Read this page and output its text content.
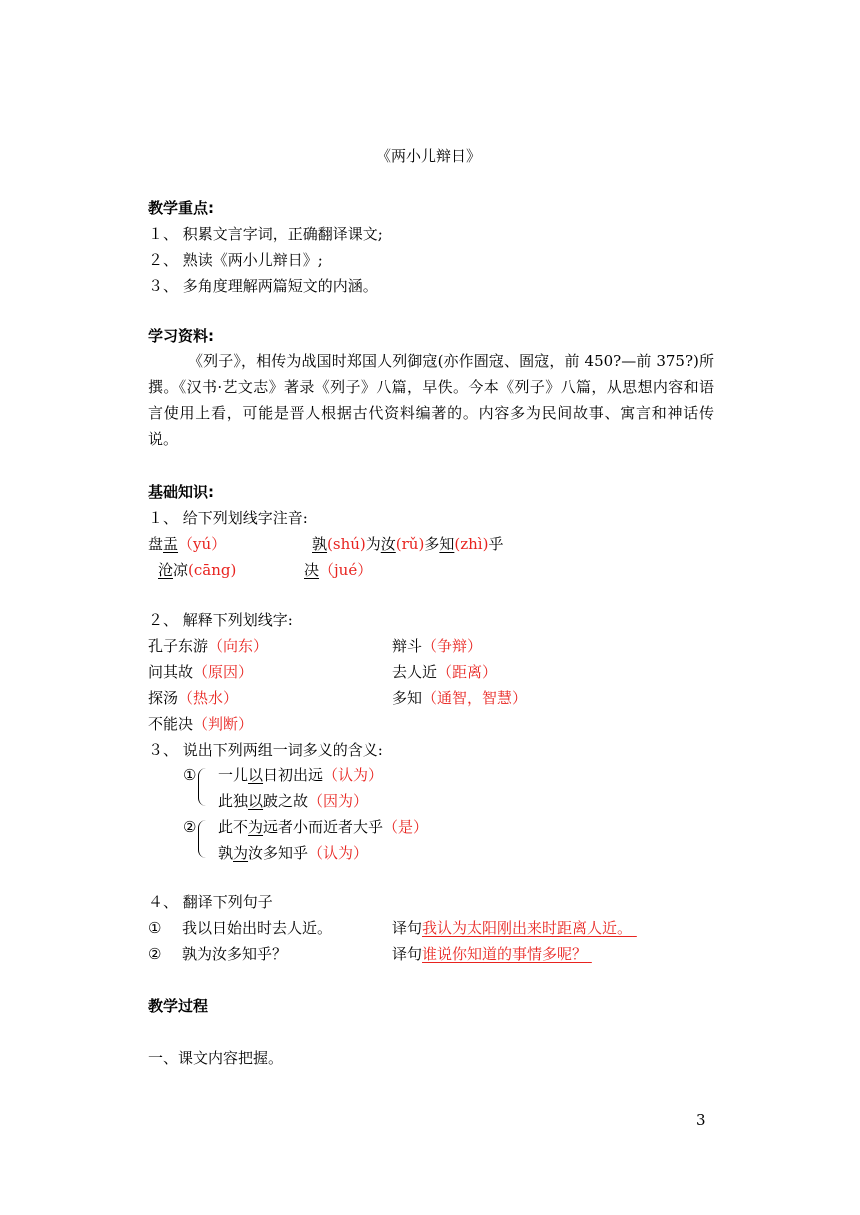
《两小儿辩日》
教学重点:
１、 积累文言字词，正确翻译课文;
２、 熟读《两小儿辩日》;
３、 多角度理解两篇短文的内涵。
学习资料:
《列子》，相传为战国时郑国人列御寇(亦作圄寇、圄寇，前 450?—前 375?)所撰。《汉书·艺文志》著录《列子》八篇，早佚。今本《列子》八篇，从思想内容和语言使用上看，可能是晋人根据古代资料编著的。内容多为民间故事、寓言和神话传说。
基础知识:
１、 给下列划线字注音:
盘盂（yú）	孰(shú)为汝(rǔ)多知(zhì)乎
沧凉(cāng)	决（jué）
２、 解释下列划线字:
孔子东游（向东）	辩斗（争辩）
问其故（原因）	去人近（距离）
探汤（热水）	多知（通智，智慧）
不能决（判断）
３、 说出下列两组一词多义的含义:
① 一儿以日初出远（认为）
此独以跛之故（因为）
② 此不为远者小而近者大乎（是）
孰为汝多知乎（认为）
４、 翻译下列句子
① 我以日始出时去人近。	译句我认为太阳刚出来时距离人近。
② 孰为汝多知乎？	译句谁说你知道的事情多呢？
教学过程
一、课文内容把握。
3
